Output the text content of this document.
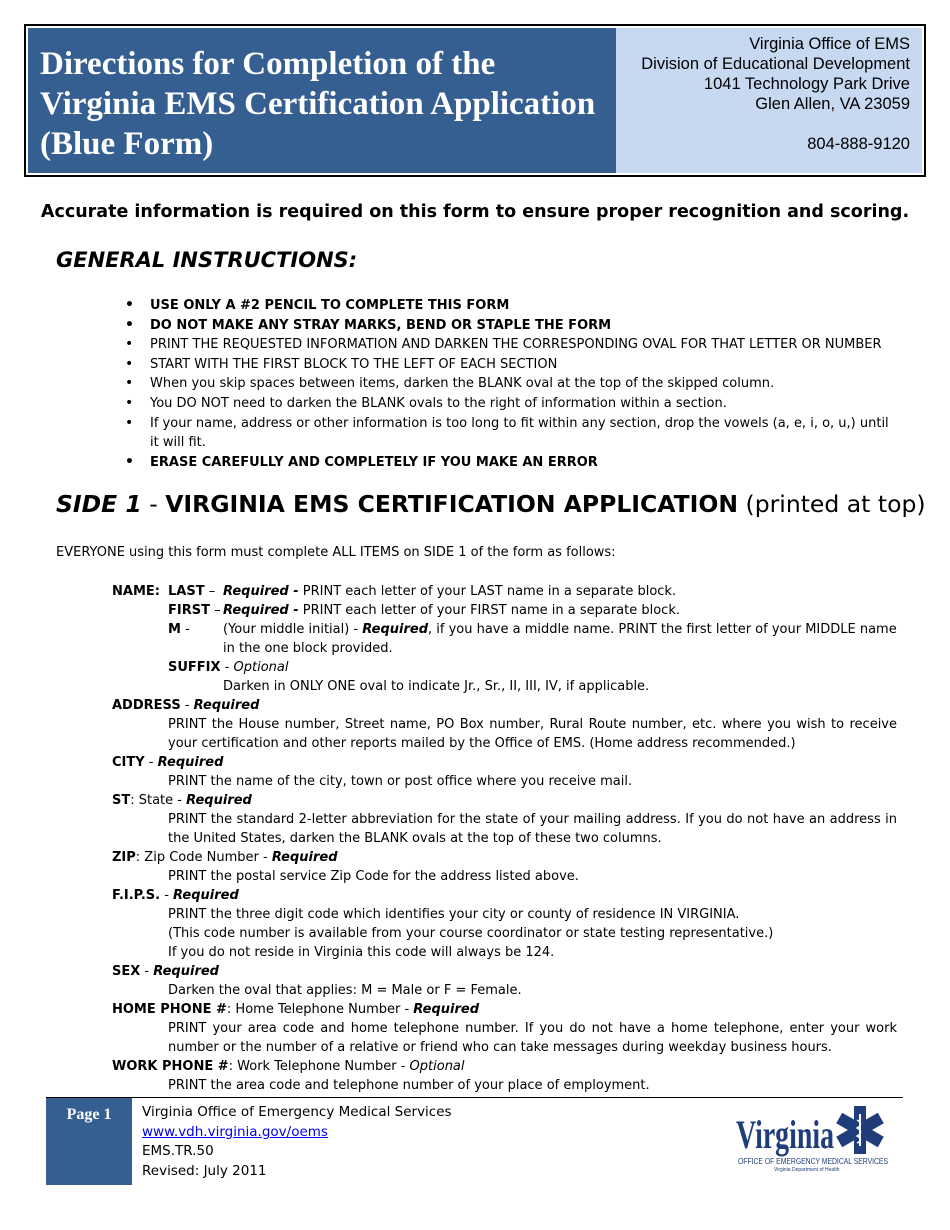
Directions for Completion of the Virginia EMS Certification Application (Blue Form)
Virginia Office of EMS
Division of Educational Development
1041 Technology Park Drive
Glen Allen, VA 23059
804-888-9120
Accurate information is required on this form to ensure proper recognition and scoring.
GENERAL INSTRUCTIONS:
• USE ONLY A #2 PENCIL TO COMPLETE THIS FORM
• DO NOT MAKE ANY STRAY MARKS, BEND OR STAPLE THE FORM
• PRINT THE REQUESTED INFORMATION AND DARKEN THE CORRESPONDING OVAL FOR THAT LETTER OR NUMBER
• START WITH THE FIRST BLOCK TO THE LEFT OF EACH SECTION
• When you skip spaces between items, darken the BLANK oval at the top of the skipped column.
• You DO NOT need to darken the BLANK ovals to the right of information within a section.
• If your name, address or other information is too long to fit within any section, drop the vowels (a, e, i, o, u,) until it will fit.
• ERASE CAREFULLY AND COMPLETELY IF YOU MAKE AN ERROR
SIDE 1 - VIRGINIA EMS CERTIFICATION APPLICATION (printed at top)
EVERYONE using this form must complete ALL ITEMS on SIDE 1 of the form as follows:
NAME: LAST – Required - PRINT each letter of your LAST name in a separate block.
FIRST – Required - PRINT each letter of your FIRST name in a separate block.
M -	(Your middle initial) - Required, if you have a middle name. PRINT the first letter of your MIDDLE name in the one block provided.
SUFFIX - Optional
Darken in ONLY ONE oval to indicate Jr., Sr., II, III, IV, if applicable.
ADDRESS - Required
PRINT the House number, Street name, PO Box number, Rural Route number, etc. where you wish to receive your certification and other reports mailed by the Office of EMS. (Home address recommended.)
CITY - Required
PRINT the name of the city, town or post office where you receive mail.
ST: State - Required
PRINT the standard 2-letter abbreviation for the state of your mailing address. If you do not have an address in the United States, darken the BLANK ovals at the top of these two columns.
ZIP: Zip Code Number - Required
PRINT the postal service Zip Code for the address listed above.
F.I.P.S. - Required
PRINT the three digit code which identifies your city or county of residence IN VIRGINIA.
(This code number is available from your course coordinator or state testing representative.)
If you do not reside in Virginia this code will always be 124.
SEX - Required
Darken the oval that applies: M = Male or F = Female.
HOME PHONE #: Home Telephone Number - Required
PRINT your area code and home telephone number. If you do not have a home telephone, enter your work number or the number of a relative or friend who can take messages during weekday business hours.
WORK PHONE #: Work Telephone Number - Optional
PRINT the area code and telephone number of your place of employment.
Page 1	Virginia Office of Emergency Medical Services
www.vdh.virginia.gov/oems
EMS.TR.50
Revised: July 2011
Virginia
OFFICE OF EMERGENCY MEDICAL SERVICES
Virginia Department of Health
